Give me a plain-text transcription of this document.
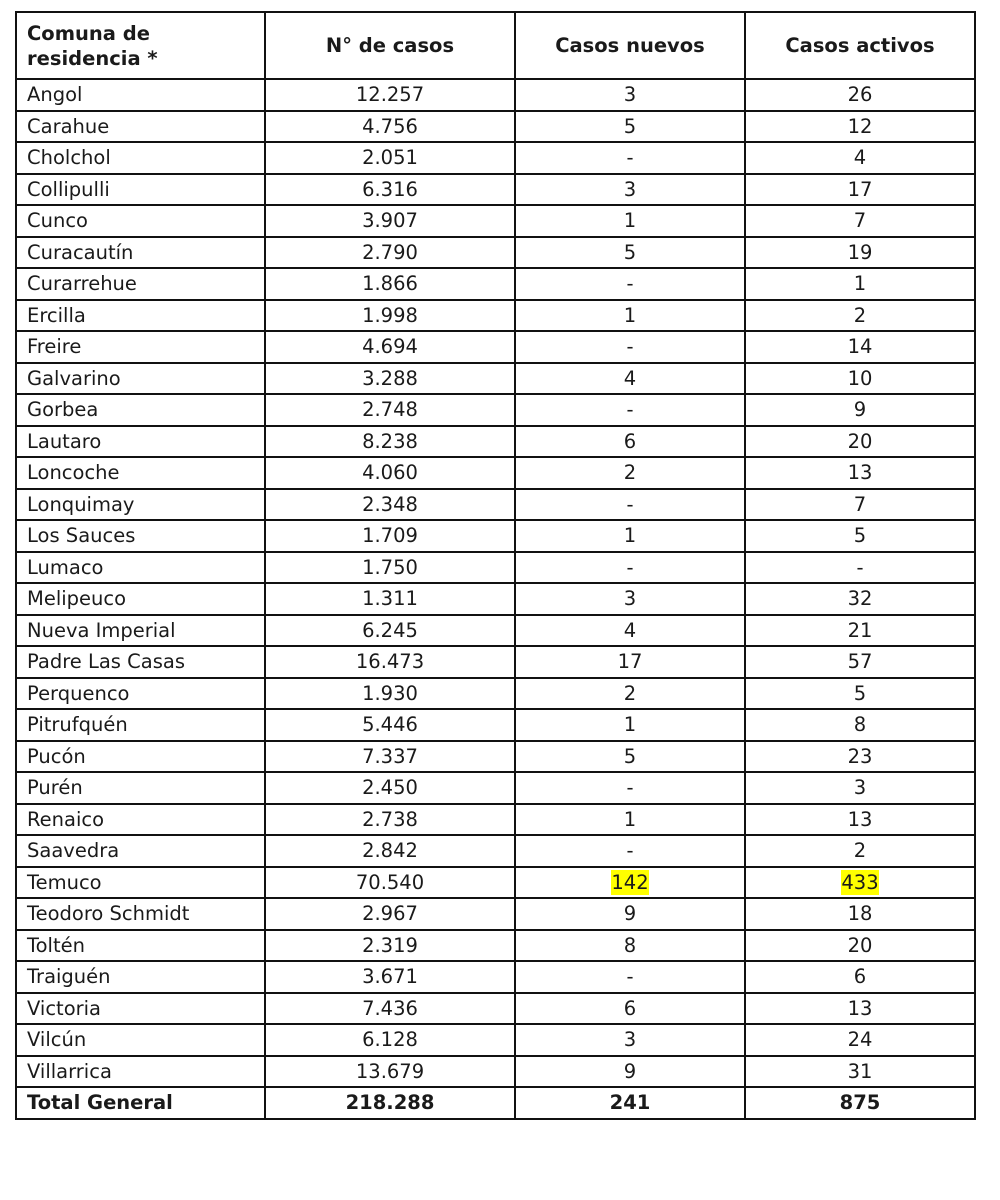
Comuna de residencia *	N° de casos	Casos nuevos	Casos activos
Angol	12.257	3	26
Carahue	4.756	5	12
Cholchol	2.051	-	4
Collipulli	6.316	3	17
Cunco	3.907	1	7
Curacautín	2.790	5	19
Curarrehue	1.866	-	1
Ercilla	1.998	1	2
Freire	4.694	-	14
Galvarino	3.288	4	10
Gorbea	2.748	-	9
Lautaro	8.238	6	20
Loncoche	4.060	2	13
Lonquimay	2.348	-	7
Los Sauces	1.709	1	5
Lumaco	1.750	-	-
Melipeuco	1.311	3	32
Nueva Imperial	6.245	4	21
Padre Las Casas	16.473	17	57
Perquenco	1.930	2	5
Pitrufquén	5.446	1	8
Pucón	7.337	5	23
Purén	2.450	-	3
Renaico	2.738	1	13
Saavedra	2.842	-	2
Temuco	70.540	142	433
Teodoro Schmidt	2.967	9	18
Toltén	2.319	8	20
Traiguén	3.671	-	6
Victoria	7.436	6	13
Vilcún	6.128	3	24
Villarrica	13.679	9	31
Total General	218.288	241	875
